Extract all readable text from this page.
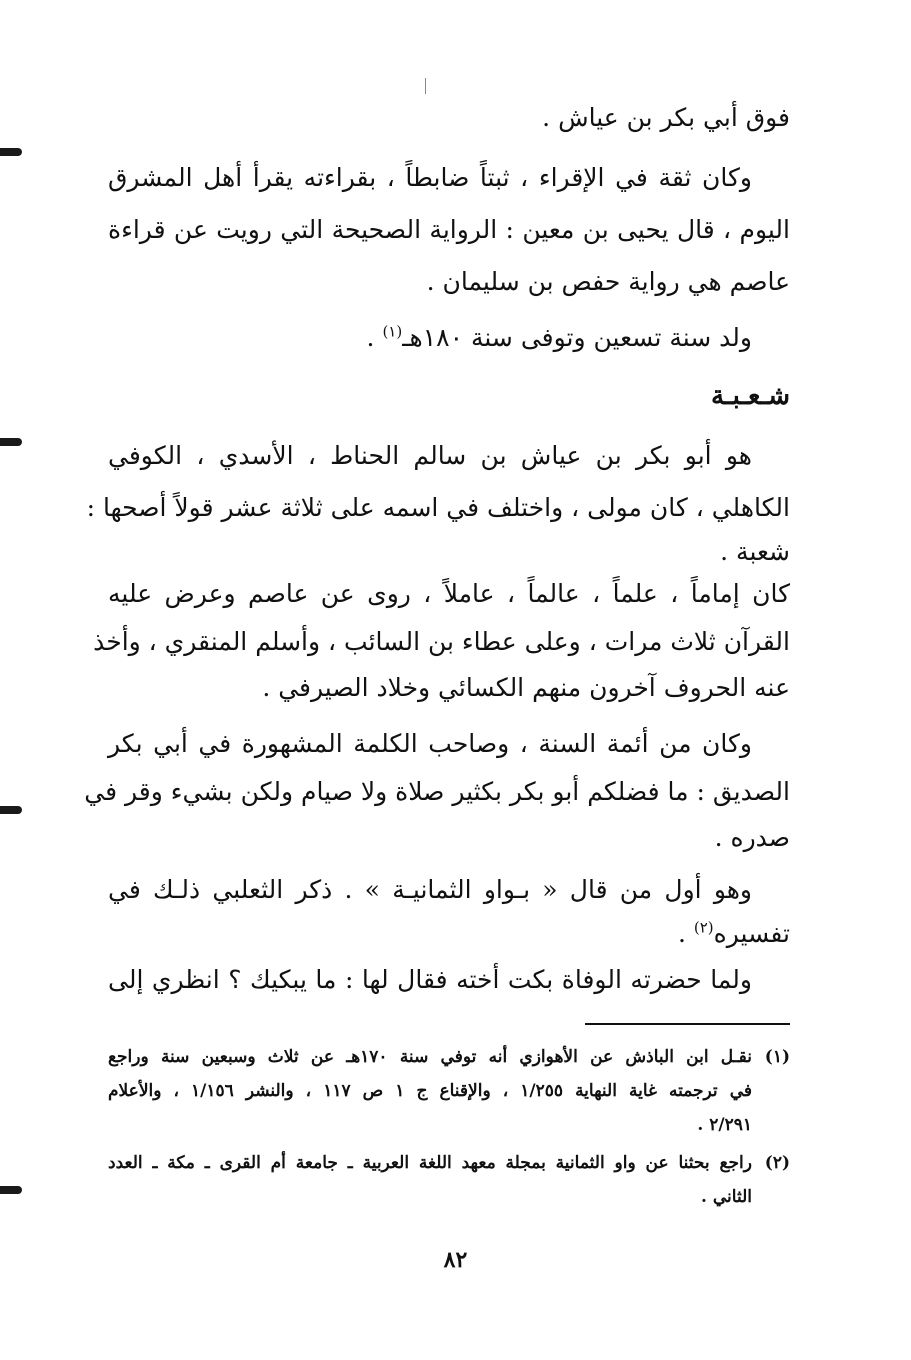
فوق أبي بكر بن عياش .
وكان ثقة في الإقراء ، ثبتاً ضابطاً ، بقراءته يقرأ أهل المشرق
اليوم ، قال يحيى بن معين : الرواية الصحيحة التي رويت عن قراءة
عاصم هي رواية حفص بن سليمان .
ولد سنة تسعين وتوفى سنة ١٨٠هـ$^{(١)}$ .
شـعـبـة
هو أبو بكر بن عياش بن سالم الحناط ، الأسدي ، الكوفي
الكاهلي ، كان مولى ، واختلف في اسمه على ثلاثة عشر قولاً أصحها :
شعبة .
كان إماماً ، علماً ، عالماً ، عاملاً ، روى عن عاصم وعرض عليه
القرآن ثلاث مرات ، وعلى عطاء بن السائب ، وأسلم المنقري ، وأخذ
عنه الحروف آخرون منهم الكسائي وخلاد الصيرفي .
وكان من أئمة السنة ، وصاحب الكلمة المشهورة في أبي بكر
الصديق : ما فضلكم أبو بكر بكثير صلاة ولا صيام ولكن بشيء وقر في
صدره .
وهو أول من قال « بـواو الثمانيـة » . ذكر الثعلبي ذلـك في
تفسيره$^{(٢)}$ .
ولما حضرته الوفاة بكت أخته فقال لها : ما يبكيك ؟ انظري إلى
(١)نقـل ابن الباذش عن الأهوازي أنه توفي سنة ١٧٠هـ عن ثلاث وسبعين سنة وراجع
في ترجمته غاية النهاية ١/٢٥٥ ، والإقناع ج ١ ص ١١٧ ، والنشر ١/١٥٦ ، والأعلام
٢/٢٩١ .
(٢)راجع بحثنا عن واو الثمانية بمجلة معهد اللغة العربية ـ جامعة أم القرى ـ مكة ـ العدد
الثاني .
٨٢
